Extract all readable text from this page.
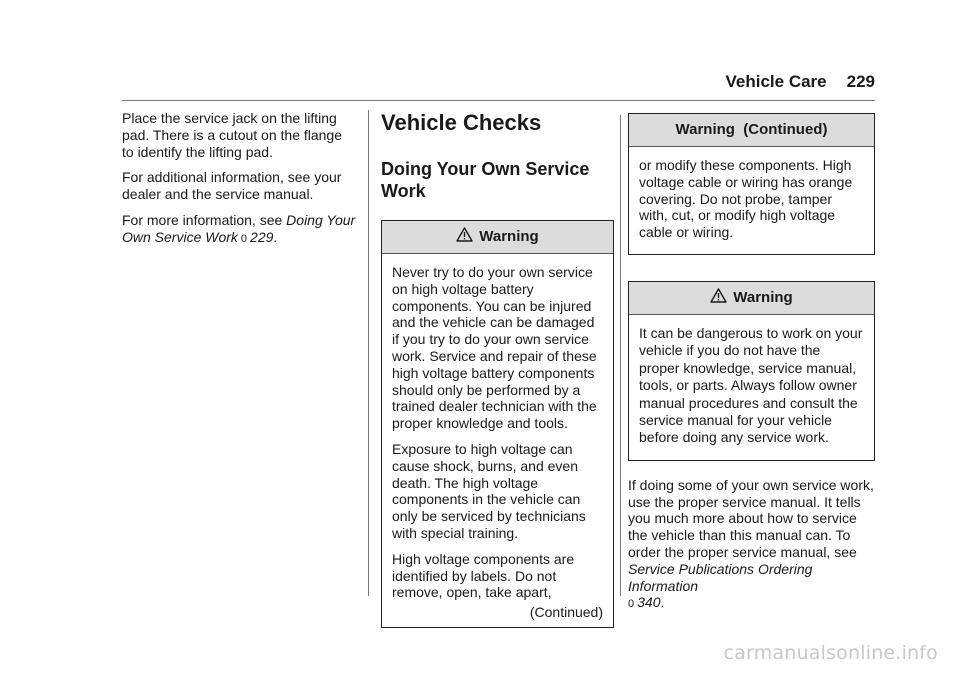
Vehicle Care 229

Place the service jack on the lifting pad. There is a cutout on the flange to identify the lifting pad.

For additional information, see your dealer and the service manual.

For more information, see Doing Your Own Service Work 0 229.

Vehicle Checks
Doing Your Own Service Work
Warning

Never try to do your own service on high voltage battery components. You can be injured and the vehicle can be damaged if you try to do your own service work. Service and repair of these high voltage battery components should only be performed by a trained dealer technician with the proper knowledge and tools.

Exposure to high voltage can cause shock, burns, and even death. The high voltage components in the vehicle can only be serviced by technicians with special training.

High voltage components are identified by labels. Do not remove, open, take apart,

(Continued)

Warning  (Continued)

or modify these components. High voltage cable or wiring has orange covering. Do not probe, tamper with, cut, or modify high voltage cable or wiring.

Warning

It can be dangerous to work on your vehicle if you do not have the proper knowledge, service manual, tools, or parts. Always follow owner manual procedures and consult the service manual for your vehicle before doing any service work.

If doing some of your own service work, use the proper service manual. It tells you much more about how to service the vehicle than this manual can. To order the proper service manual, see Service Publications Ordering Information
0 340.

carmanualsonline.info
